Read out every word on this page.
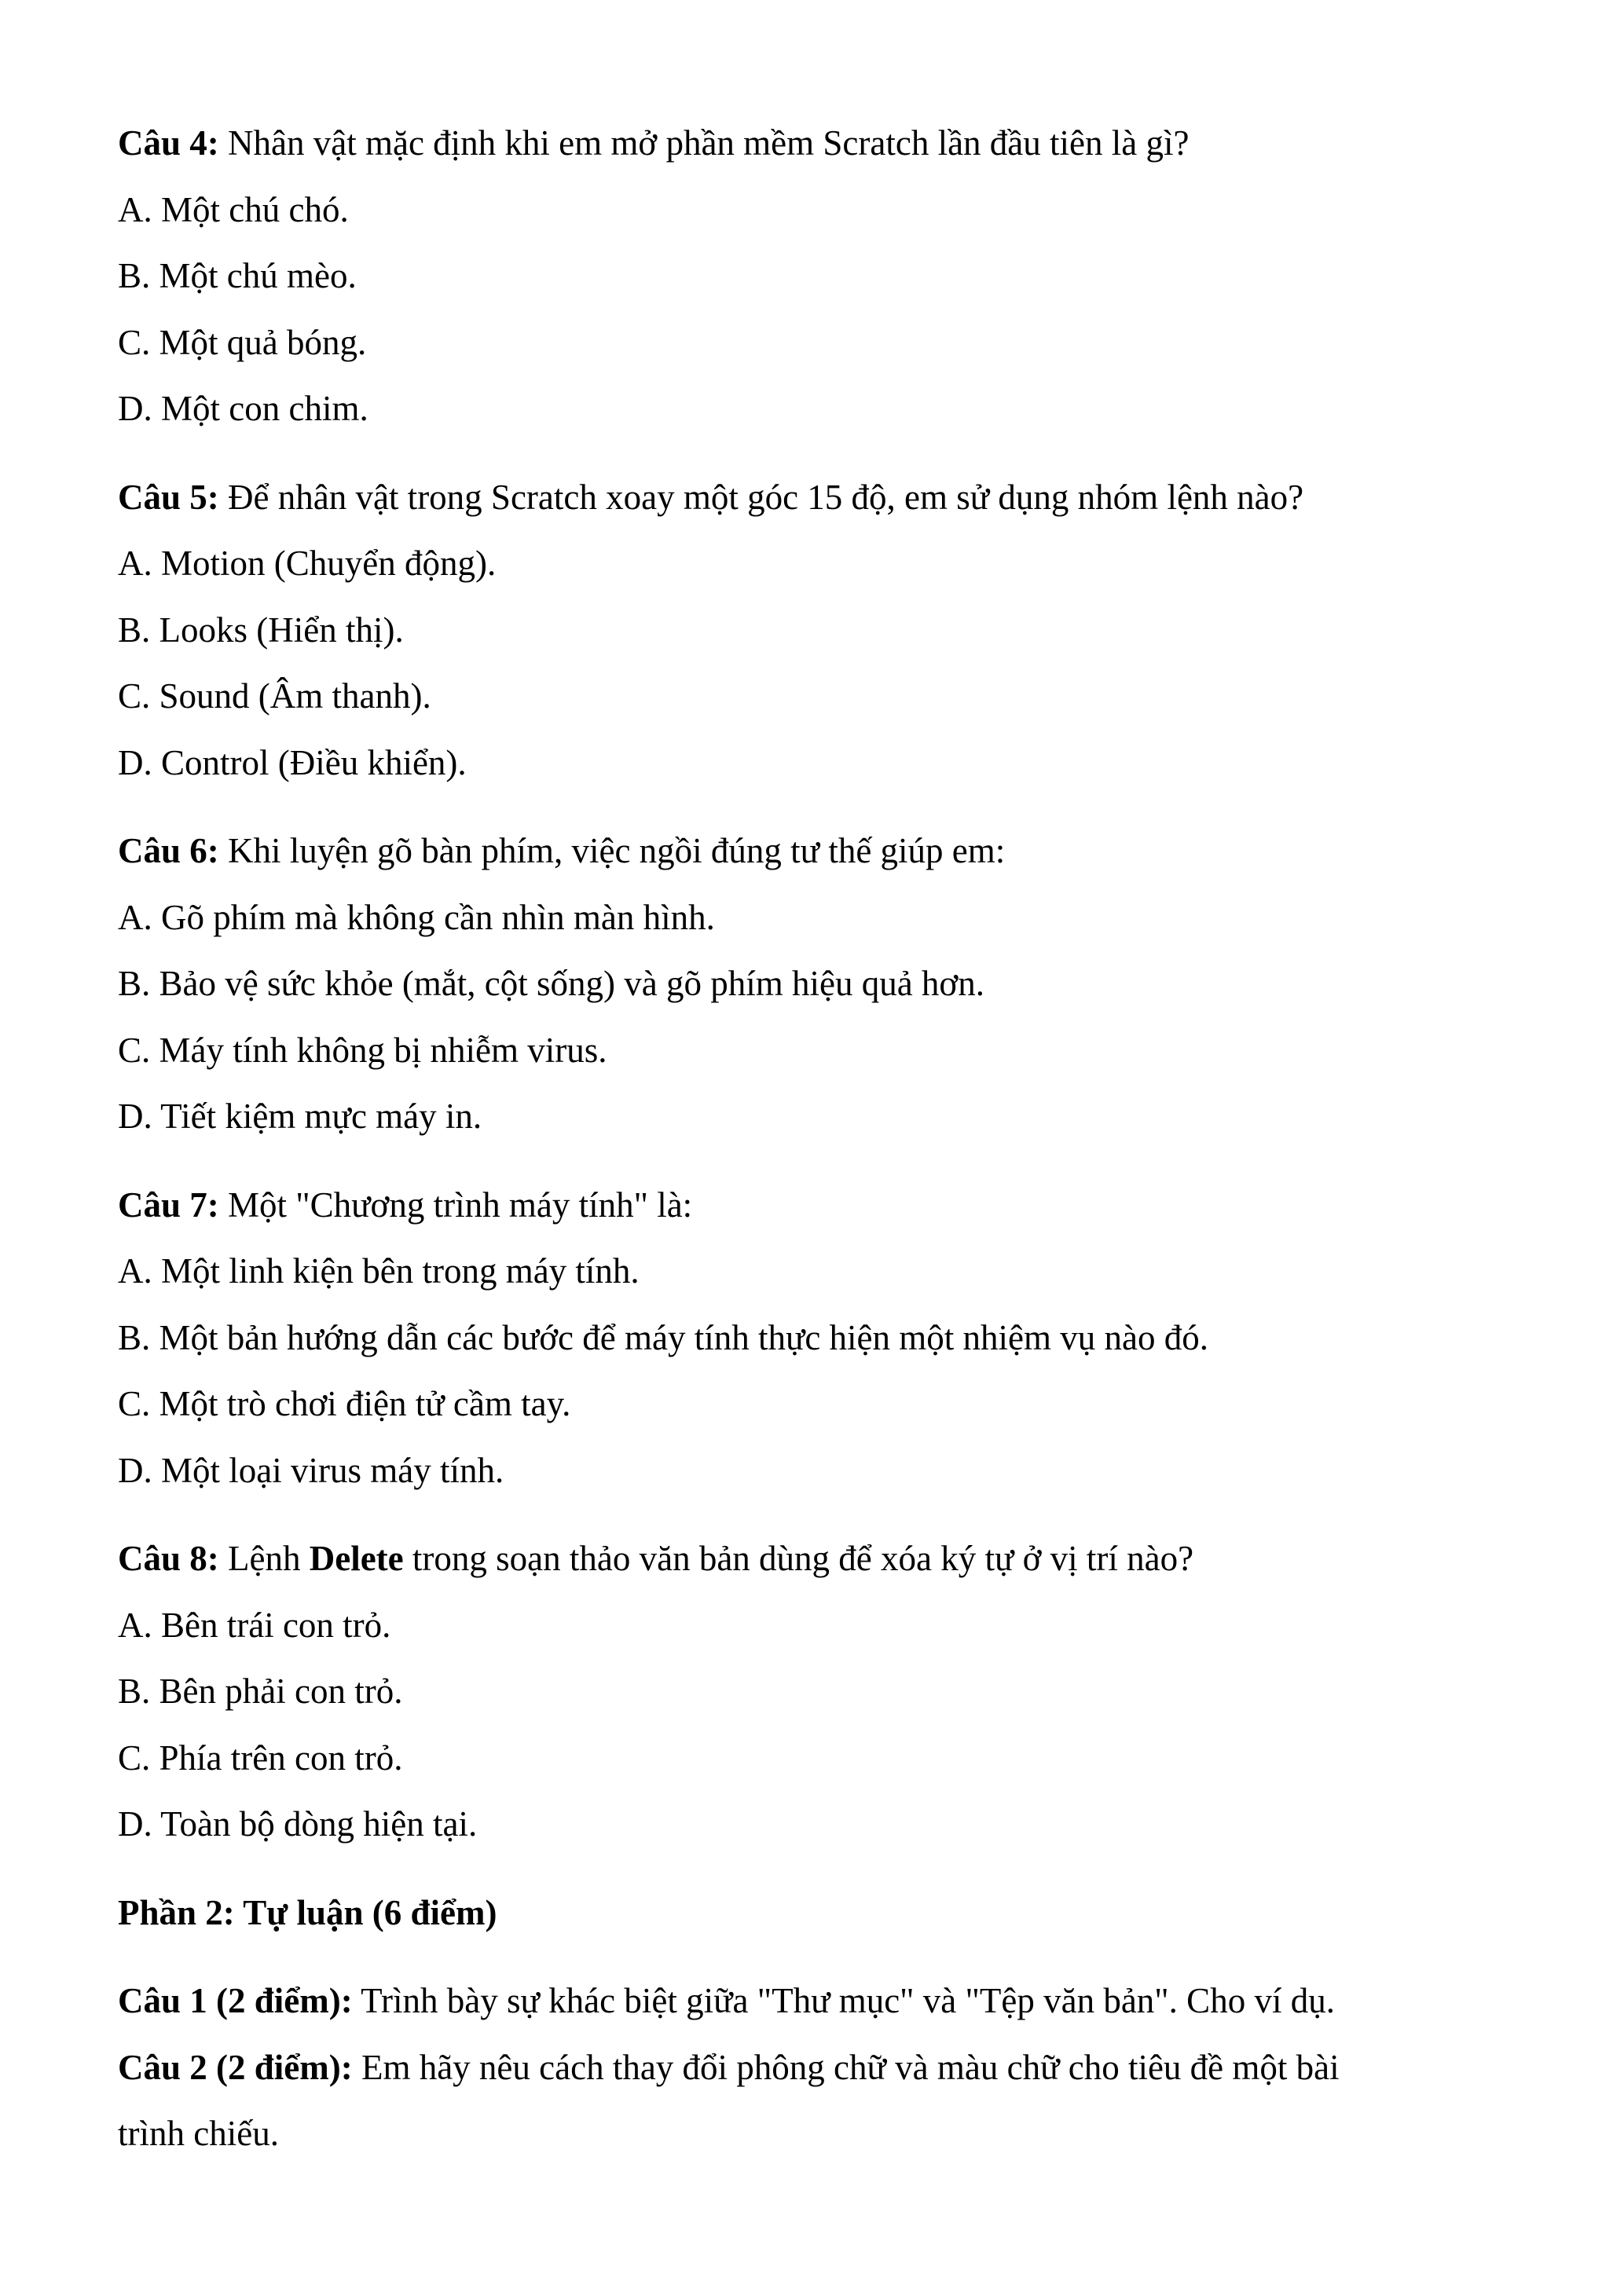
Câu 4: Nhân vật mặc định khi em mở phần mềm Scratch lần đầu tiên là gì?
A. Một chú chó.
B. Một chú mèo.
C. Một quả bóng.
D. Một con chim.
Câu 5: Để nhân vật trong Scratch xoay một góc 15 độ, em sử dụng nhóm lệnh nào?
A. Motion (Chuyển động).
B. Looks (Hiển thị).
C. Sound (Âm thanh).
D. Control (Điều khiển).
Câu 6: Khi luyện gõ bàn phím, việc ngồi đúng tư thế giúp em:
A. Gõ phím mà không cần nhìn màn hình.
B. Bảo vệ sức khỏe (mắt, cột sống) và gõ phím hiệu quả hơn.
C. Máy tính không bị nhiễm virus.
D. Tiết kiệm mực máy in.
Câu 7: Một "Chương trình máy tính" là:
A. Một linh kiện bên trong máy tính.
B. Một bản hướng dẫn các bước để máy tính thực hiện một nhiệm vụ nào đó.
C. Một trò chơi điện tử cầm tay.
D. Một loại virus máy tính.
Câu 8: Lệnh Delete trong soạn thảo văn bản dùng để xóa ký tự ở vị trí nào?
A. Bên trái con trỏ.
B. Bên phải con trỏ.
C. Phía trên con trỏ.
D. Toàn bộ dòng hiện tại.
Phần 2: Tự luận (6 điểm)
Câu 1 (2 điểm): Trình bày sự khác biệt giữa "Thư mục" và "Tệp văn bản". Cho ví dụ.
Câu 2 (2 điểm): Em hãy nêu cách thay đổi phông chữ và màu chữ cho tiêu đề một bài
trình chiếu.
